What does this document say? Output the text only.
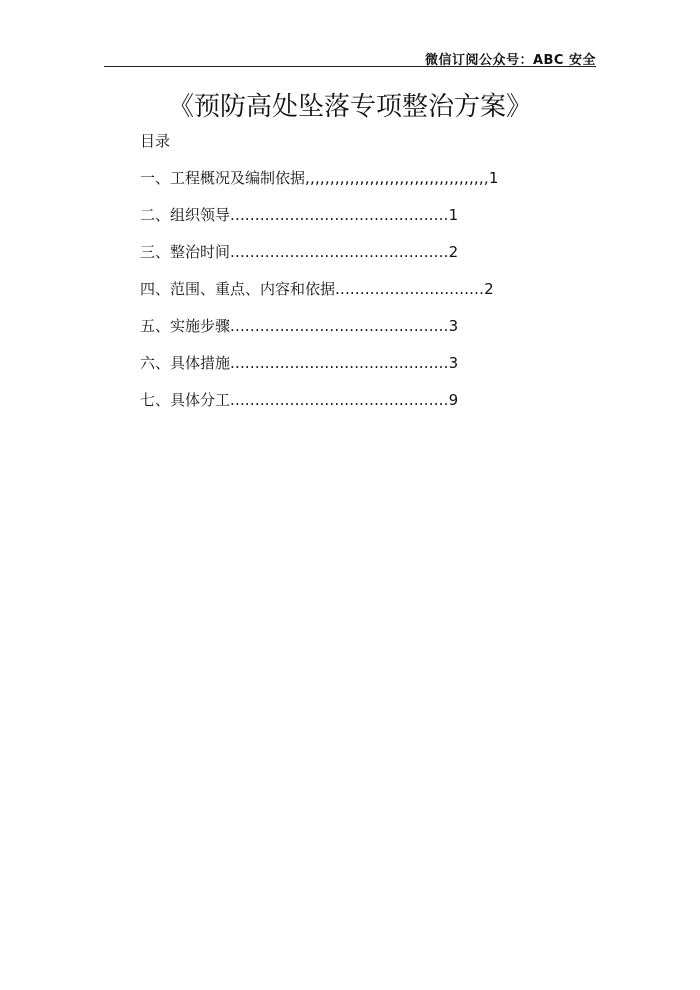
微信订阅公众号：ABC 安全
《预防高处坠落专项整治方案》
目录
一、工程概况及编制依据,,,,,,,,,,,,,,,,,,,,,,,,,,,,,,,,,,,,,1
二、组织领导............................................1
三、整治时间............................................2
四、范围、重点、内容和依据..............................2
五、实施步骤............................................3
六、具体措施............................................3
七、具体分工............................................9
